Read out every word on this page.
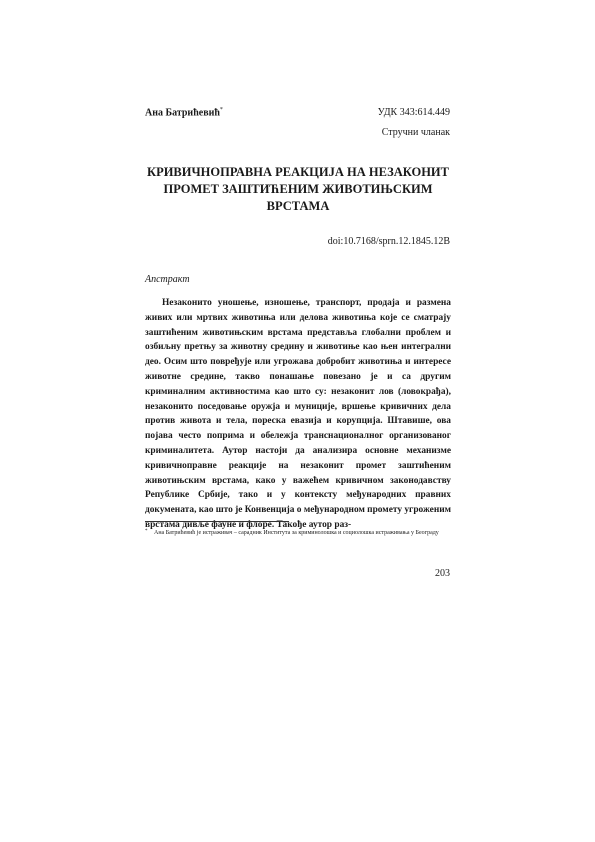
Ана Батрићевић*	УДК 343:614.449
Стручни чланак
КРИВИЧНОПРАВНА РЕАКЦИЈА НА НЕЗАКОНИТ ПРОМЕТ ЗАШТИЋЕНИМ ЖИВОТИЊСКИМ ВРСТАМА
doi:10.7168/sprn.12.1845.12B
Апстракт

Незаконито уношење, изношење, транспорт, продаја и размена живих или мртвих животиња или делова животиња које се сматрају заштићеним животињским врстама представља глобални проблем и озбиљну претњу за животну средину и животиње као њен интегрални део. Осим што повређује или угрожава добробит животиња и интересе животне средине, такво понашање повезано је и са другим криминалним активностима као што су: незаконит лов (ловокрађа), незаконито поседовање оружја и муниције, вршење кривичних дела против живота и тела, пореска евазија и корупција. Штавише, ова појава често поприма и обележја транснационалног организованог криминалитета. Аутор настоји да анализира основне механизме кривичноправне реакције на незаконит промет заштићеним животињским врстама, како у важећем кривичном законодавству Републике Србије, тако и у контексту међународних правних докумената, као што је Конвенција о међународном промету угроженим врстама дивље фауне и флоре. Такође аутор раз-

*	Ана Батрићевић је истраживач – сарадник Института за криминолошка и социолошка истраживања у Београду
203
